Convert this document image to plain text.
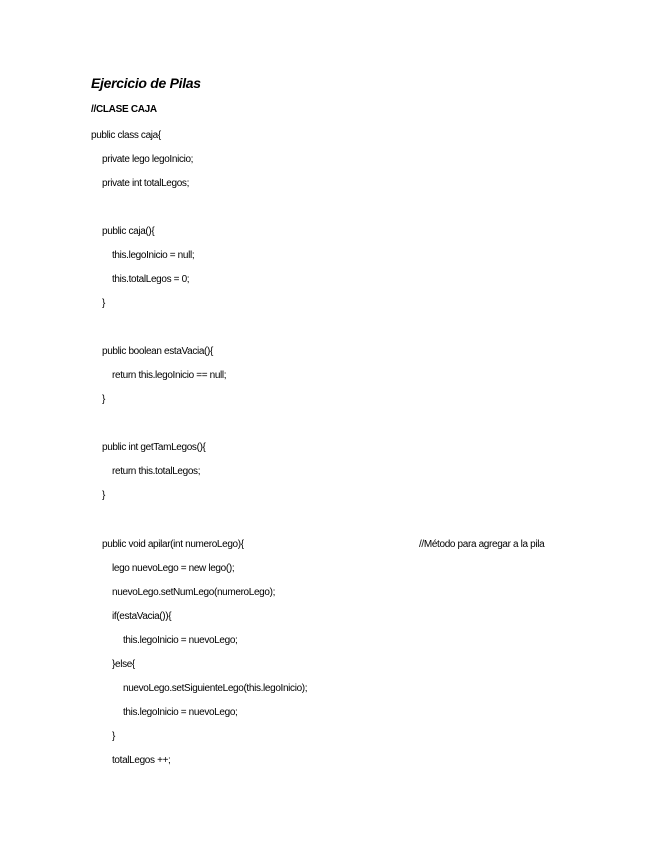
Ejercicio de Pilas
//CLASE CAJA
public class caja{
private lego legoInicio;
private int totalLegos;
public caja(){
this.legoInicio = null;
this.totalLegos = 0;
}
public boolean estaVacia(){
return this.legoInicio == null;
}
public int getTamLegos(){
return this.totalLegos;
}
public void apilar(int numeroLego){	//Método para agregar a la pila
lego nuevoLego = new lego();
nuevoLego.setNumLego(numeroLego);
if(estaVacia()){
this.legoInicio = nuevoLego;
}else{
nuevoLego.setSiguienteLego(this.legoInicio);
this.legoInicio = nuevoLego;
}
totalLegos ++;
